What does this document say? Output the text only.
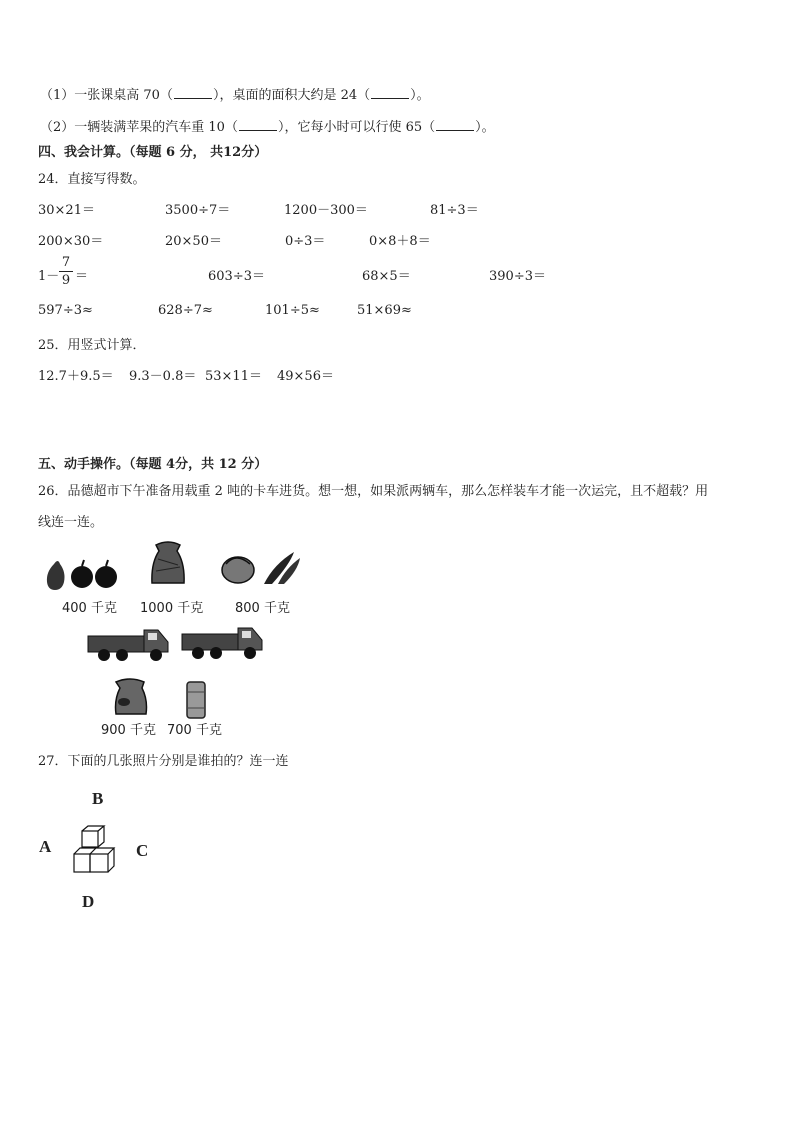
（1）一张课桌高 70（	），桌面的面积大约是 24（	）。
（2）一辆装满苹果的汽车重 10（	），它每小时可以行使 65（	）。
四、我会计算。（每题 6 分， 共12分）
24．直接写得数。
30×21＝	3500÷7＝	1200－300＝	81÷3＝
200×30＝	20×50＝	0÷3＝	0×8＋8＝
1－
7
9 ＝	603÷3＝	68×5＝	390÷3＝
597÷3≈	628÷7≈	101÷5≈	51×69≈
25．用竖式计算．
12.7＋9.5＝ 9.3－0.8＝ 53×11＝ 49×56＝
五、动手操作。（每题 4分，共 12 分）
26．品德超市下午准备用载重 2 吨的卡车进货。想一想，如果派两辆车，那么怎样装车才能一次运完，且不超载？用
线连一连。
400 千克 1000 千克 800 千克
900 千克 700 千克
27．下面的几张照片分别是谁拍的？连一连
B
A	C
D
